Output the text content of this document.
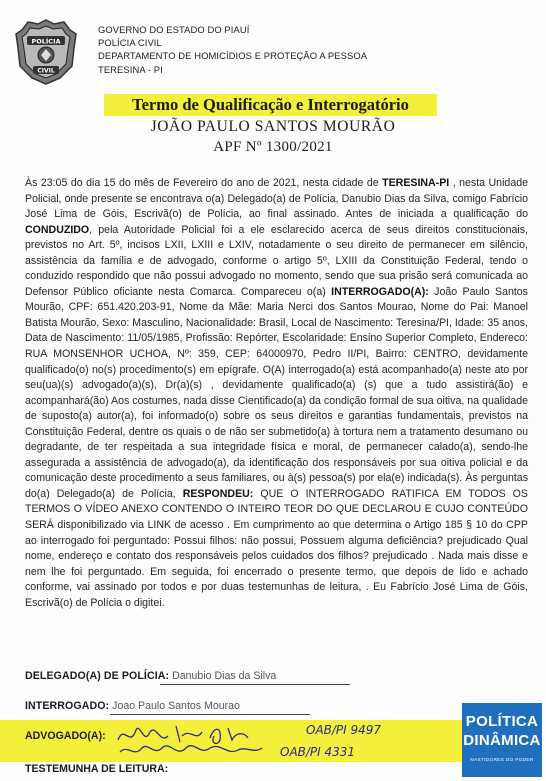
POLÍCIA
CIVIL
GOVERNO DO ESTADO DO PIAUÍ
POLÍCIA CIVIL
DEPARTAMENTO DE HOMICÍDIOS E PROTEÇÃO A PESSOA
TERESINA - PI
Termo de Qualificação e Interrogatório
JOÃO PAULO SANTOS MOURÃO
APF Nº 1300/2021
Às 23:05 do dia 15 do mês de Fevereiro do ano de 2021, nesta cidade de TERESINA-PI , nesta Unidade Policial, onde presente se encontrava o(a) Delegado(a) de Polícia, Danubio Dias da Silva, comigo Fabrício José Lima de Góis, Escrivã(o) de Polícia, ao final assinado. Antes de iniciada a qualificação do CONDUZIDO, pela Autoridade Policial foi a ele esclarecido acerca de seus direitos constitucionais, previstos no Art. 5º, incisos LXII, LXIII e LXIV, notadamente o seu direito de permanecer em silêncio, assistência da família e de advogado, conforme o artigo 5º, LXIII da Constituição Federal, tendo o conduzido respondido que não possui advogado no momento, sendo que sua prisão será comunicada ao Defensor Público oficiante nesta Comarca. Compareceu o(a) INTERROGADO(A): João Paulo Santos Mourão, CPF: 651.420.203-91, Nome da Mãe: Maria Nerci dos Santos Mourao, Nome do Pai: Manoel Batista Mourão, Sexo: Masculino, Nacionalidade: Brasil, Local de Nascimento: Teresina/PI, Idade: 35 anos, Data de Nascimento: 11/05/1985, Profissão: Repórter, Escolaridade: Ensino Superior Completo, Endereco: RUA MONSENHOR UCHOA, Nº: 359, CEP: 64000970, Pedro II/PI, Bairro: CENTRO, devidamente qualificado(o) no(s) procedimento(s) em epígrafe. O(A) interrogado(a) está acompanhado(a) neste ato por seu(ua)(s) advogado(a)(s), Dr(a)(s) , devidamente qualificado(a) (s) que a tudo assistirá(ão) e acompanhará(ão) Aos costumes, nada disse Cientificado(a) da condição formal de sua oitiva, na qualidade de suposto(a) autor(a), foi informado(o) sobre os seus direitos e garantias fundamentais, previstos na Constituição Federal, dentre os quais o de não ser submetido(a) à tortura nem a tratamento desumano ou degradante, de ter respeitada a sua integridade física e moral, de permanecer calado(a), sendo-lhe assegurada a assistência de advogado(a), da identificação dos responsáveis por sua oitiva policial e da comunicação deste procedimento a seus familiares, ou à(s) pessoa(s) por ela(e) indicada(s). Às perguntas do(a) Delegado(a) de Polícia, RESPONDEU: QUE O INTERROGADO RATIFICA EM TODOS OS TERMOS O VÍDEO ANEXO CONTENDO O INTEIRO TEOR DO QUE DECLAROU E CUJO CONTEÚDO SERÁ disponibilizado via LINK de acesso . Em cumprimento ao que determina o Artigo 185 § 10 do CPP ao interrogado foi perguntado: Possui filhos: não possui, Possuem alguma deficiência? prejudicado Qual nome, endereço e contato dos responsáveis pelos cuidados dos filhos? prejudicado . Nada mais disse e nem lhe foi perguntado. Em seguida, foi encerrado o presente termo, que depois de lido e achado conforme, vai assinado por todos e por duas testemunhas de leitura, . Eu Fabrício José Lima de Góis, Escrivã(o) de Polícia o digitei.
DELEGADO(A) DE POLÍCIA: Danubio Dias da Silva
INTERROGADO: Joao Paulo Santos Mourao
ADVOGADO(A):	OAB/PI 9497
OAB/PI 4331
TESTEMUNHA DE LEITURA:
POLÍTICA
DINÂMICA
NASTIDORES DO PODER
